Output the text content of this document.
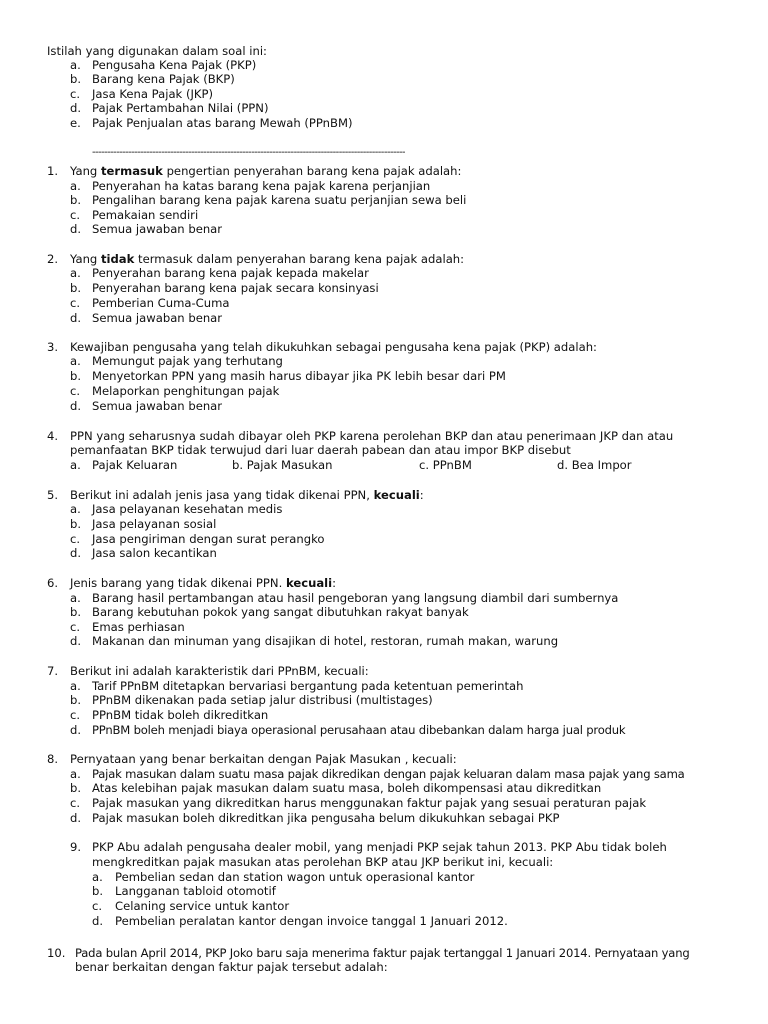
Istilah yang digunakan dalam soal ini:
a. Pengusaha Kena Pajak (PKP)
b. Barang kena Pajak (BKP)
c. Jasa Kena Pajak (JKP)
d. Pajak Pertambahan Nilai (PPN)
e. Pajak Penjualan atas barang Mewah (PPnBM)
--------------------------------------------------------------------------------------------------------
1. Yang termasuk pengertian penyerahan barang kena pajak adalah:
a. Penyerahan ha katas barang kena pajak karena perjanjian
b. Pengalihan barang kena pajak karena suatu perjanjian sewa beli
c. Pemakaian sendiri
d. Semua jawaban benar
2. Yang tidak termasuk dalam penyerahan barang kena pajak adalah:
a. Penyerahan barang kena pajak kepada makelar
b. Penyerahan barang kena pajak secara konsinyasi
c. Pemberian Cuma-Cuma
d. Semua jawaban benar
3. Kewajiban pengusaha yang telah dikukuhkan sebagai pengusaha kena pajak (PKP) adalah:
a. Memungut pajak yang terhutang
b. Menyetorkan PPN yang masih harus dibayar jika PK lebih besar dari PM
c. Melaporkan penghitungan pajak
d. Semua jawaban benar
4. PPN yang seharusnya sudah dibayar oleh PKP karena perolehan BKP dan atau penerimaan JKP dan atau
pemanfaatan BKP tidak terwujud dari luar daerah pabean dan atau impor BKP disebut
a. Pajak Keluaran	b. Pajak Masukan	c. PPnBM	d. Bea Impor
5. Berikut ini adalah jenis jasa yang tidak dikenai PPN, kecuali:
a. Jasa pelayanan kesehatan medis
b. Jasa pelayanan sosial
c. Jasa pengiriman dengan surat perangko
d. Jasa salon kecantikan
6. Jenis barang yang tidak dikenai PPN. kecuali:
a. Barang hasil pertambangan atau hasil pengeboran yang langsung diambil dari sumbernya
b. Barang kebutuhan pokok yang sangat dibutuhkan rakyat banyak
c. Emas perhiasan
d. Makanan dan minuman yang disajikan di hotel, restoran, rumah makan, warung
7. Berikut ini adalah karakteristik dari PPnBM, kecuali:
a. Tarif PPnBM ditetapkan bervariasi bergantung pada ketentuan pemerintah
b. PPnBM dikenakan pada setiap jalur distribusi (multistages)
c. PPnBM tidak boleh dikreditkan
d. PPnBM boleh menjadi biaya operasional perusahaan atau dibebankan dalam harga jual produk
8. Pernyataan yang benar berkaitan dengan Pajak Masukan , kecuali:
a. Pajak masukan dalam suatu masa pajak dikredikan dengan pajak keluaran dalam masa pajak yang sama
b. Atas kelebihan pajak masukan dalam suatu masa, boleh dikompensasi atau dikreditkan
c. Pajak masukan yang dikreditkan harus menggunakan faktur pajak yang sesuai peraturan pajak
d. Pajak masukan boleh dikreditkan jika pengusaha belum dikukuhkan sebagai PKP
9. PKP Abu adalah pengusaha dealer mobil, yang menjadi PKP sejak tahun 2013. PKP Abu tidak boleh
mengkreditkan pajak masukan atas perolehan BKP atau JKP berikut ini, kecuali:
a. Pembelian sedan dan station wagon untuk operasional kantor
b. Langganan tabloid otomotif
c. Celaning service untuk kantor
d. Pembelian peralatan kantor dengan invoice tanggal 1 Januari 2012.
10. Pada bulan April 2014, PKP Joko baru saja menerima faktur pajak tertanggal 1 Januari 2014. Pernyataan yang
benar berkaitan dengan faktur pajak tersebut adalah:
